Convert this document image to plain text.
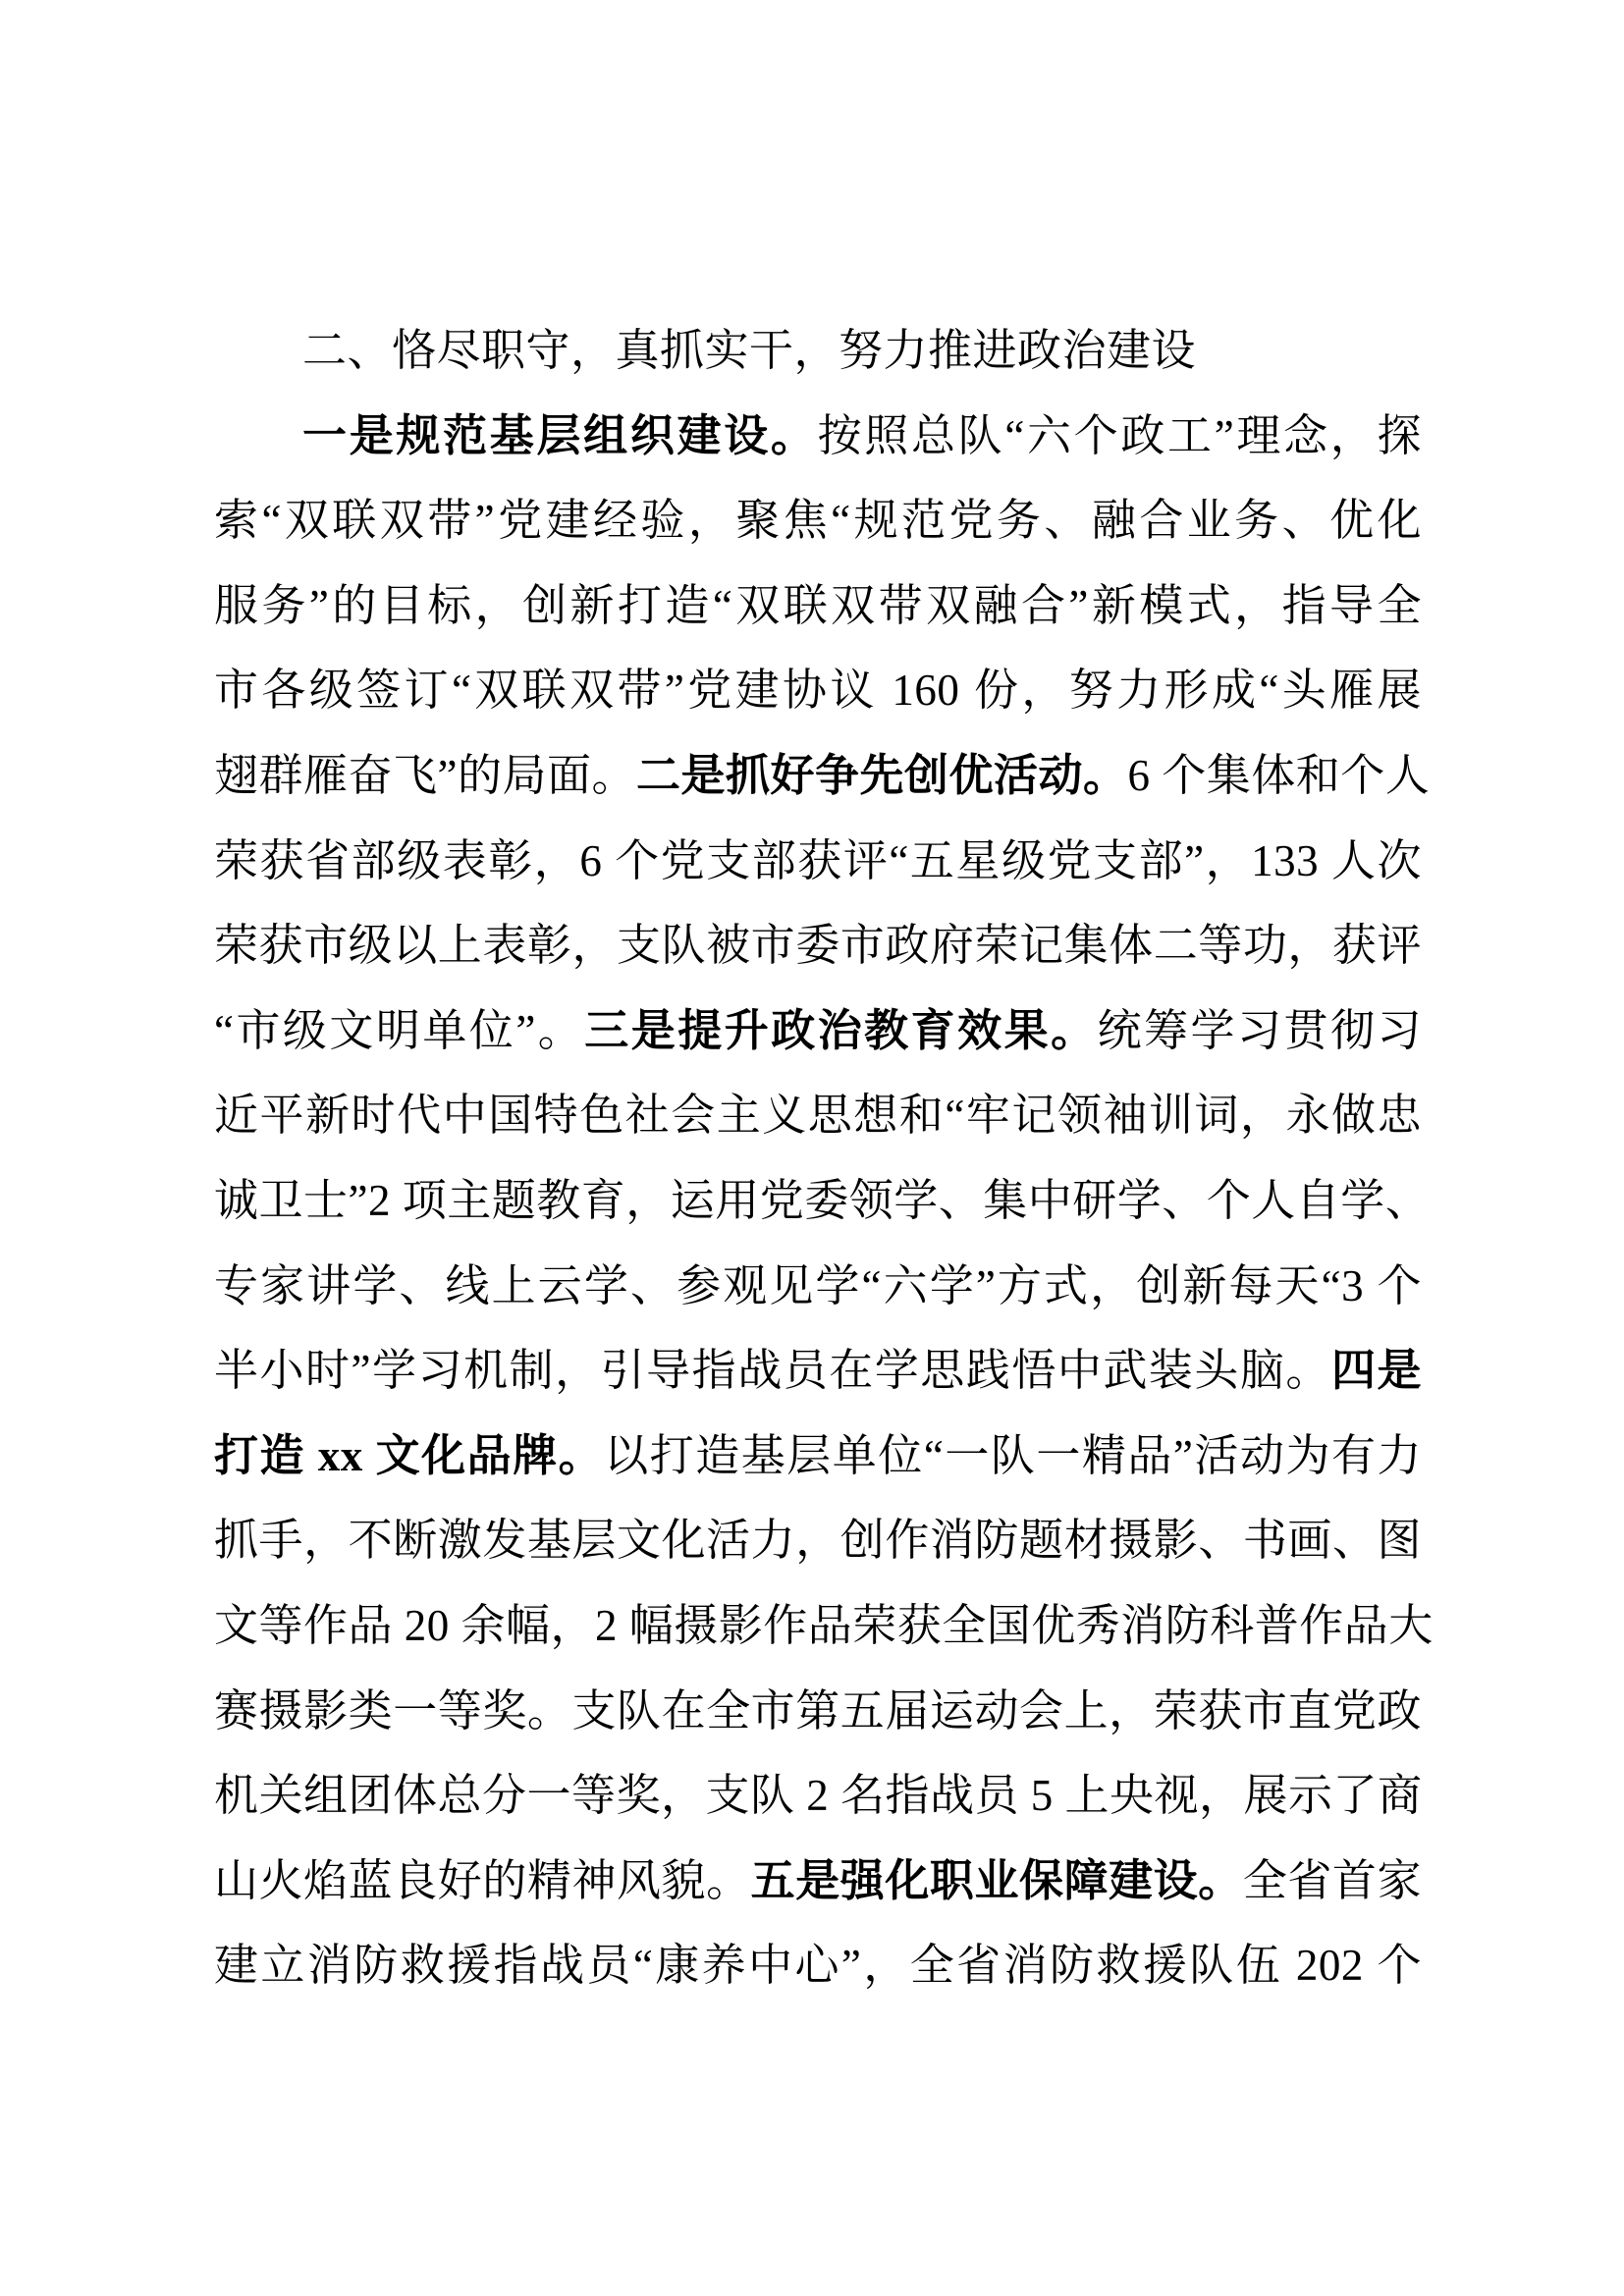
二、恪尽职守，真抓实干，努力推进政治建设
一是规范基层组织建设。按照总队“六个政工”理念，探
索“双联双带”党建经验，聚焦“规范党务、融合业务、优化
服务”的目标，创新打造“双联双带双融合”新模式，指导全
市各级签订“双联双带”党建协议 160 份，努力形成“头雁展
翅群雁奋飞”的局面。二是抓好争先创优活动。6 个集体和个人
荣获省部级表彰，6 个党支部获评“五星级党支部”，133 人次
荣获市级以上表彰，支队被市委市政府荣记集体二等功，获评
“市级文明单位”。三是提升政治教育效果。统筹学习贯彻习
近平新时代中国特色社会主义思想和“牢记领袖训词，永做忠
诚卫士”2 项主题教育，运用党委领学、集中研学、个人自学、
专家讲学、线上云学、参观见学“六学”方式，创新每天“3 个
半小时”学习机制，引导指战员在学思践悟中武装头脑。四是
打造 xx 文化品牌。以打造基层单位“一队一精品”活动为有力
抓手，不断激发基层文化活力，创作消防题材摄影、书画、图
文等作品 20 余幅，2 幅摄影作品荣获全国优秀消防科普作品大
赛摄影类一等奖。支队在全市第五届运动会上，荣获市直党政
机关组团体总分一等奖，支队 2 名指战员 5 上央视，展示了商
山火焰蓝良好的精神风貌。五是强化职业保障建设。全省首家
建立消防救援指战员“康养中心”，全省消防救援队伍 202 个
